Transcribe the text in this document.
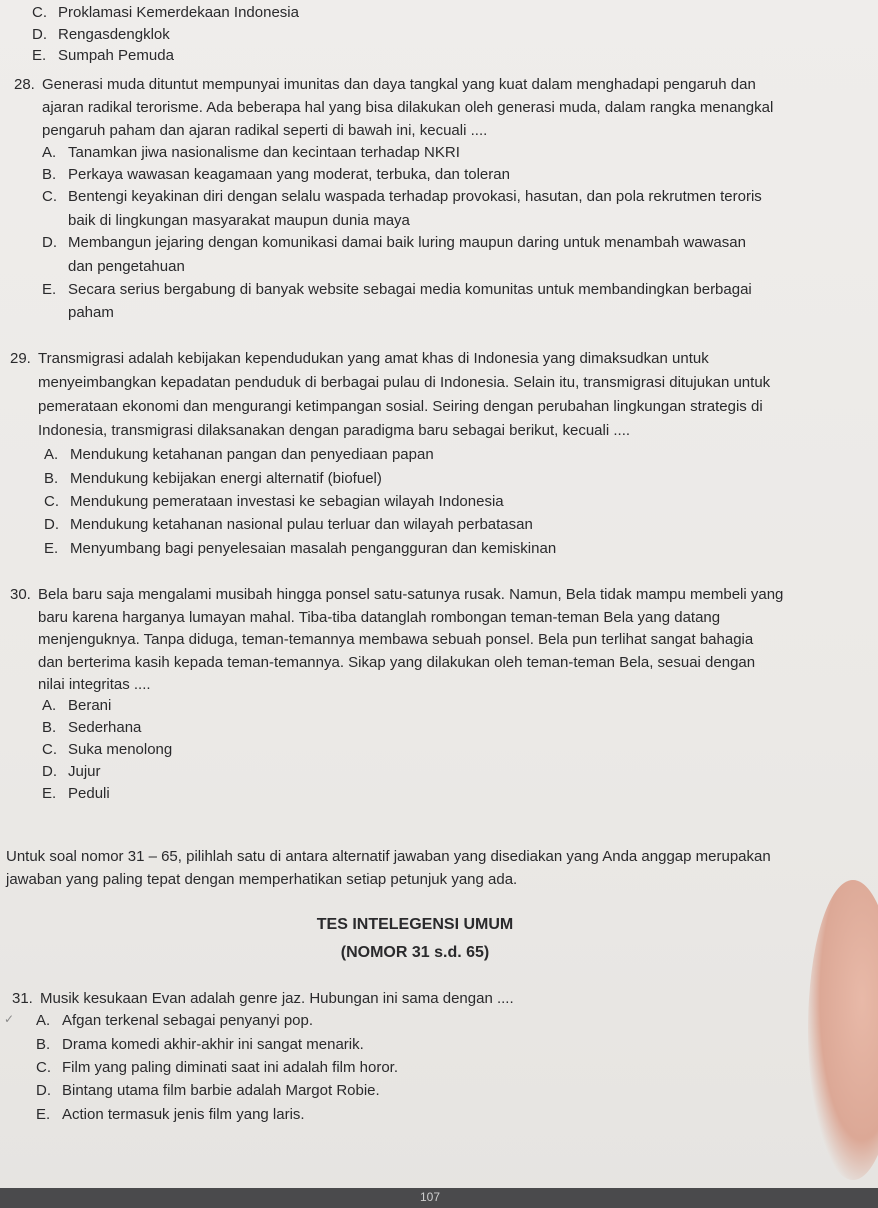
C. Proklamasi Kemerdekaan Indonesia
D. Rengasdengklok
E. Sumpah Pemuda
28. Generasi muda dituntut mempunyai imunitas dan daya tangkal yang kuat dalam menghadapi pengaruh dan
ajaran radikal terorisme. Ada beberapa hal yang bisa dilakukan oleh generasi muda, dalam rangka menangkal
pengaruh paham dan ajaran radikal seperti di bawah ini, kecuali ....
A. Tanamkan jiwa nasionalisme dan kecintaan terhadap NKRI
B. Perkaya wawasan keagamaan yang moderat, terbuka, dan toleran
C. Bentengi keyakinan diri dengan selalu waspada terhadap provokasi, hasutan, dan pola rekrutmen teroris
baik di lingkungan masyarakat maupun dunia maya
D. Membangun jejaring dengan komunikasi damai baik luring maupun daring untuk menambah wawasan
dan pengetahuan
E. Secara serius bergabung di banyak website sebagai media komunitas untuk membandingkan berbagai
paham
29. Transmigrasi adalah kebijakan kependudukan yang amat khas di Indonesia yang dimaksudkan untuk
menyeimbangkan kepadatan penduduk di berbagai pulau di Indonesia. Selain itu, transmigrasi ditujukan untuk
pemerataan ekonomi dan mengurangi ketimpangan sosial. Seiring dengan perubahan lingkungan strategis di
Indonesia, transmigrasi dilaksanakan dengan paradigma baru sebagai berikut, kecuali ....
A. Mendukung ketahanan pangan dan penyediaan papan
B. Mendukung kebijakan energi alternatif (biofuel)
C. Mendukung pemerataan investasi ke sebagian wilayah Indonesia
D. Mendukung ketahanan nasional pulau terluar dan wilayah perbatasan
E. Menyumbang bagi penyelesaian masalah pengangguran dan kemiskinan
30. Bela baru saja mengalami musibah hingga ponsel satu-satunya rusak. Namun, Bela tidak mampu membeli yang
baru karena harganya lumayan mahal. Tiba-tiba datanglah rombongan teman-teman Bela yang datang
menjenguknya. Tanpa diduga, teman-temannya membawa sebuah ponsel. Bela pun terlihat sangat bahagia
dan berterima kasih kepada teman-temannya. Sikap yang dilakukan oleh teman-teman Bela, sesuai dengan
nilai integritas ....
A. Berani
B. Sederhana
C. Suka menolong
D. Jujur
E. Peduli
Untuk soal nomor 31 – 65, pilihlah satu di antara alternatif jawaban yang disediakan yang Anda anggap merupakan
jawaban yang paling tepat dengan memperhatikan setiap petunjuk yang ada.
TES INTELEGENSI UMUM
(NOMOR 31 s.d. 65)
31. Musik kesukaan Evan adalah genre jaz. Hubungan ini sama dengan ....
✓ A. Afgan terkenal sebagai penyanyi pop.
B. Drama komedi akhir-akhir ini sangat menarik.
C. Film yang paling diminati saat ini adalah film horor.
D. Bintang utama film barbie adalah Margot Robie.
E. Action termasuk jenis film yang laris.
107
